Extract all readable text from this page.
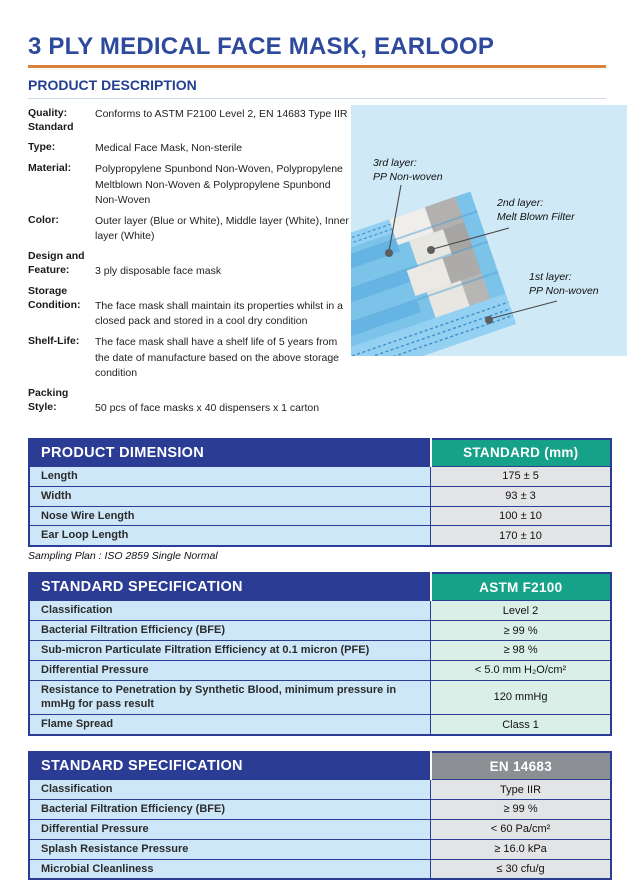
3 PLY MEDICAL FACE MASK, EARLOOP
PRODUCT DESCRIPTION
Quality:
Standard
Conforms to ASTM F2100 Level 2, EN 14683 Type IIR
Type:	Medical Face Mask, Non-sterile
Material:	Polypropylene Spunbond Non-Woven, Polypropylene Meltblown Non-Woven & Polypropylene Spunbond Non-Woven
Color:	Outer layer (Blue or White), Middle layer (White), Inner layer (White)
Design and
Feature:	3 ply disposable face mask
Storage
Condition:	The face mask shall maintain its properties whilst in a closed pack and stored in a cool dry condition
Shelf-Life:	The face mask shall have a shelf life of 5 years from the date of manufacture based on the above storage condition
Packing
Style:	50 pcs of face masks x 40 dispensers x 1 carton
3rd layer:
PP Non-woven
2nd layer:
Melt Blown Filter
1st layer:
PP Non-woven
PRODUCT DIMENSION	STANDARD (mm)
Length	175 ± 5
Width	93 ± 3
Nose Wire Length	100 ± 10
Ear Loop Length	170 ± 10
Sampling Plan : ISO 2859 Single Normal
STANDARD SPECIFICATION	ASTM F2100
Classification	Level 2
Bacterial Filtration Efficiency (BFE)	≥ 99 %
Sub-micron Particulate Filtration Efficiency at 0.1 micron (PFE)	≥ 98 %
Differential Pressure	< 5.0 mm H₂O/cm²
Resistance to Penetration by Synthetic Blood, minimum pressure in mmHg for pass result	120 mmHg
Flame Spread	Class 1
STANDARD SPECIFICATION	EN 14683
Classification	Type IIR
Bacterial Filtration Efficiency (BFE)	≥ 99 %
Differential Pressure	< 60 Pa/cm²
Splash Resistance Pressure	≥ 16.0 kPa
Microbial Cleanliness	≤ 30 cfu/g
